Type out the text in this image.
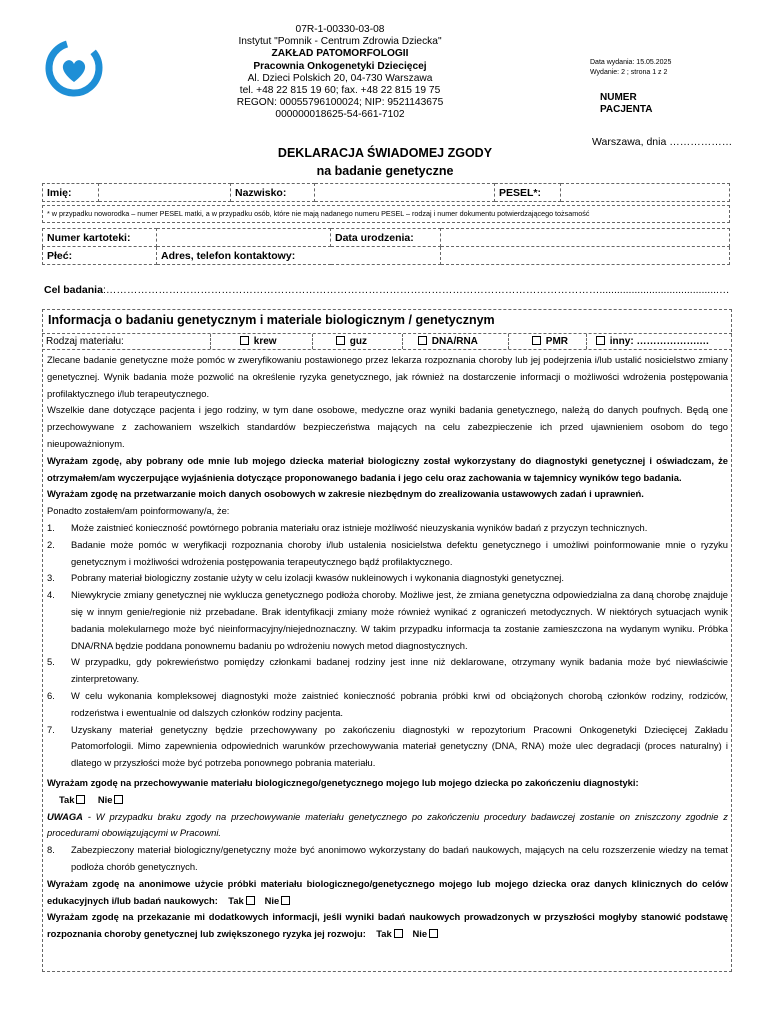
07R-1-00330-03-08
Instytut "Pomnik - Centrum Zdrowia Dziecka"
ZAKŁAD PATOMORFOLOGII
Pracownia Onkogenetyki Dziecięcej
Al. Dzieci Polskich 20, 04-730 Warszawa
tel. +48 22 815 19 60; fax. +48 22 815 19 75
REGON: 00055796100024; NIP: 9521143675
000000018625-54-661-7102
Data wydania: 15.05.2025
Wydanie: 2 ; strona 1 z 2
NUMER PACJENTA
Warszawa, dnia ………………
DEKLARACJA ŚWIADOMEJ ZGODY
na badanie genetyczne
Imię:		Nazwisko:		PESEL*:	
* w przypadku noworodka – numer PESEL matki, a w przypadku osób, które nie mają nadanego numeru PESEL – rodzaj i numer dokumentu potwierdzającego tożsamość
Numer kartoteki:		Data urodzenia:	
Płeć:	Adres, telefon kontaktowy:		
Cel badania:…………………………………………………………………………………………………………………………….........................................…
Informacja o badaniu genetycznym i materiale biologicznym / genetycznym
Rodzaj materiału:	krew	guz	DNA/RNA	PMR	inny: ……………….…

Zlecane badanie genetyczne może pomóc w zweryfikowaniu postawionego przez lekarza rozpoznania choroby lub jej podejrzenia i/lub ustalić nosicielstwo zmiany genetycznej. Wynik badania może pozwolić na określenie ryzyka genetycznego, jak również na dostarczenie informacji o możliwości wdrożenia postępowania profilaktycznego i/lub terapeutycznego.

Wszelkie dane dotyczące pacjenta i jego rodziny, w tym dane osobowe, medyczne oraz wyniki badania genetycznego, należą do danych poufnych. Będą one przechowywane z zachowaniem wszelkich standardów bezpieczeństwa mających na celu zabezpieczenie ich przed ujawnieniem osobom do tego nieupoważnionym.

Wyrażam zgodę, aby pobrany ode mnie lub mojego dziecka materiał biologiczny został wykorzystany do diagnostyki genetycznej i oświadczam, że otrzymałem/am wyczerpujące wyjaśnienia dotyczące proponowanego badania i jego celu oraz zachowania w tajemnicy wyników tego badania.

Wyrażam zgodę na przetwarzanie moich danych osobowych w zakresie niezbędnym do zrealizowania ustawowych zadań i uprawnień.

Ponadto zostałem/am poinformowany/a, że:

1.	Może zaistnieć konieczność powtórnego pobrania materiału oraz istnieje możliwość nieuzyskania wyników badań z przyczyn technicznych.
2.	Badanie może pomóc w weryfikacji rozpoznania choroby i/lub ustalenia nosicielstwa defektu genetycznego i umożliwi poinformowanie mnie o ryzyku genetycznym i możliwości wdrożenia postępowania terapeutycznego bądź profilaktycznego.
3.	Pobrany materiał biologiczny zostanie użyty w celu izolacji kwasów nukleinowych i wykonania diagnostyki genetycznej.
4.	Niewykrycie zmiany genetycznej nie wyklucza genetycznego podłoża choroby. Możliwe jest, że zmiana genetyczna odpowiedzialna za daną chorobę znajduje się w innym genie/regionie niż przebadane. Brak identyfikacji zmiany może również wynikać z ograniczeń metodycznych. W niektórych sytuacjach wynik badania molekularnego może być nieinformacyjny/niejednoznaczny. W takim przypadku informacja ta zostanie zamieszczona na wydanym wyniku. Próbka DNA/RNA będzie poddana ponownemu badaniu po wdrożeniu nowych metod diagnostycznych.
5.	W przypadku, gdy pokrewieństwo pomiędzy członkami badanej rodziny jest inne niż deklarowane, otrzymany wynik badania może być niewłaściwie zinterpretowany.
6.	W celu wykonania kompleksowej diagnostyki może zaistnieć konieczność pobrania próbki krwi od obciążonych chorobą członków rodziny, rodziców, rodzeństwa i ewentualnie od dalszych członków rodziny pacjenta.
7.	Uzyskany materiał genetyczny będzie przechowywany po zakończeniu diagnostyki w repozytorium Pracowni Onkogenetyki Dziecięcej Zakładu Patomorfologii. Mimo zapewnienia odpowiednich warunków przechowywania materiał genetyczny (DNA, RNA) może ulec degradacji (proces naturalny) i dlatego w przyszłości może być potrzeba ponownego pobrania materiału.

Wyrażam zgodę na przechowywanie materiału biologicznego/genetycznego mojego lub mojego dziecka po zakończeniu diagnostyki:

Tak Nie

UWAGA - W przypadku braku zgody na przechowywanie materiału genetycznego po zakończeniu procedury badawczej zostanie on zniszczony zgodnie z procedurami obowiązującymi w Pracowni.

8.	Zabezpieczony materiał biologiczny/genetyczny może być anonimowo wykorzystany do badań naukowych, mających na celu rozszerzenie wiedzy na temat podłoża chorób genetycznych.

Wyrażam zgodę na anonimowe użycie próbki materiału biologicznego/genetycznego mojego lub mojego dziecka oraz danych klinicznych do celów edukacyjnych i/lub badań naukowych: Tak Nie

Wyrażam zgodę na przekazanie mi dodatkowych informacji, jeśli wyniki badań naukowych prowadzonych w przyszłości mogłyby stanowić podstawę rozpoznania choroby genetycznej lub zwiększonego ryzyka jej rozwoju: Tak Nie
